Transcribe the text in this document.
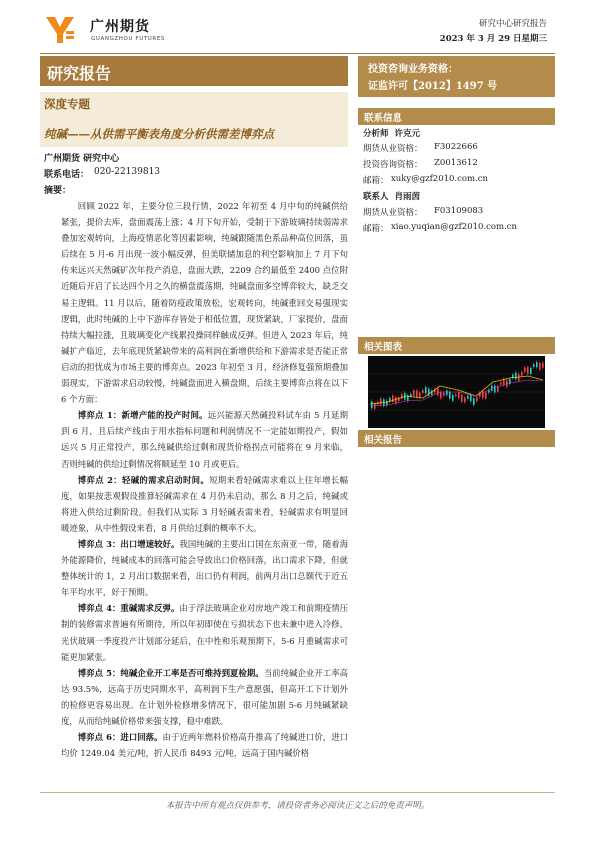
广州期货
GUANGZHOU FUTURES
研究中心研究报告
2023 年 3 月 29 日星期三
研究报告	投资咨询业务资格：
证监许可【2012】1497 号
深度专题
纯碱——从供需平衡表角度分析供需差博弈点
广州期货 研究中心
联系电话： 020-22139813
摘要：

回顾 2022 年，主要分位三段行情，2022 年初至 4 月中旬的纯碱供给紧张，提价去库，盘面震荡上涨；4 月下旬开始，受制于下游玻璃持续弱需求叠加宏观转向，上海疫情恶化等因素影响，纯碱跟随黑色系品种高位回落，虽后续在 5 月-6 月出现一波小幅反弹，但美联储加息的利空影响加上 7 月下旬传来远兴天然碱矿次年投产消息，盘面大跌，2209 合约最低至 2400 点位附近随后开启了长达四个月之久的横盘震荡期，纯碱盘面多空博弈较大，缺乏交易主逻辑。11 月以后，随着防疫政策放松，宏观转向，纯碱重回交易强现实逻辑，此时纯碱的上中下游库存皆处于相低位置，现货紧缺，厂家提价，盘面持续大幅拉涨，且玻璃变化产线累投操同样触成反弹。但进入 2023 年后，纯碱扩产临近，去年底现货紧缺带来的高利润在新增供给和下游需求是否能正常启动的担忧成为市场主要的博弈点。2023 年初至 3 月，经济修复强预期叠加弱现实，下游需求启动较慢，纯碱盘面进入横盘期，后续主要博弈点将在以下 6 个方面：

博弈点 1：新增产能的投产时间。远兴能源天然碱投料试车由 5 月延期到 6 月，且后续产线由于用水指标问题和利润情况不一定能如期投产，假如远兴 5 月正常投产，那么纯碱供给过剩和现货价格拐点可能将在 9 月来临，否则纯碱的供给过剩情况将顺延至 10 月或更后。

博弈点 2：轻碱的需求启动时间。短期来看轻碱需求难以上往年增长幅度，如果按悲观假设推算轻碱需求在 4 月仍未启动，那么 8 月之后，纯碱或将进入供给过剩阶段。但我们从实际 3 月轻碱表需来看，轻碱需求有明显回暖迹象，从中性假设来看，8 月供给过剩的概率不大。

博弈点 3：出口增速较好。我国纯碱的主要出口国在东南亚一带，随着海外能源降价，纯碱成本的回落可能会导致出口价格回落，出口需求下降，但就整体统计的 1，2 月出口数据来看，出口仍有利润，前两月出口总额代于近五年平均水平，好于预期。

博弈点 4：重碱需求反弹。由于浮法玻璃企业对房地产竣工和前期疫情压制的装修需求普遍有所期待，所以年初即使在亏损状态下也未兼中进入冷修，光伏玻璃一季度投产计划部分延后，在中性和乐观预期下，5-6 月重碱需求可能更加紧张。

博弈点 5：纯碱企业开工率是否可维持到夏检期。当前纯碱企业开工率高达 93.5%，远高于历史同期水平，高利润下生产意愿强，但高开工下计划外的检修更容易出现。在计划外检修增多情况下，很可能加剧 5-6 月纯碱紧缺度，从而给纯碱价格带来强支撑，稳中难跌。

博弈点 6：进口回落。由于近两年燃料价格高升推高了纯碱进口价，进口均价 1249.04 美元/吨，折人民币 8493 元/吨，远高于国内碱价格

联系信息
分析师 许克元
期货从业资格： F3022666
投资咨询资格： Z0013612
邮箱： xuky@gzf2010.com.cn
联系人 肖雨茵
期货从业资格： F03109083
邮箱： xiao.yuqian@gzf2010.com.cn
相关图表
相关报告
本报告中所有观点仅供参考，请投资者务必阅读正文之后的免责声明。
